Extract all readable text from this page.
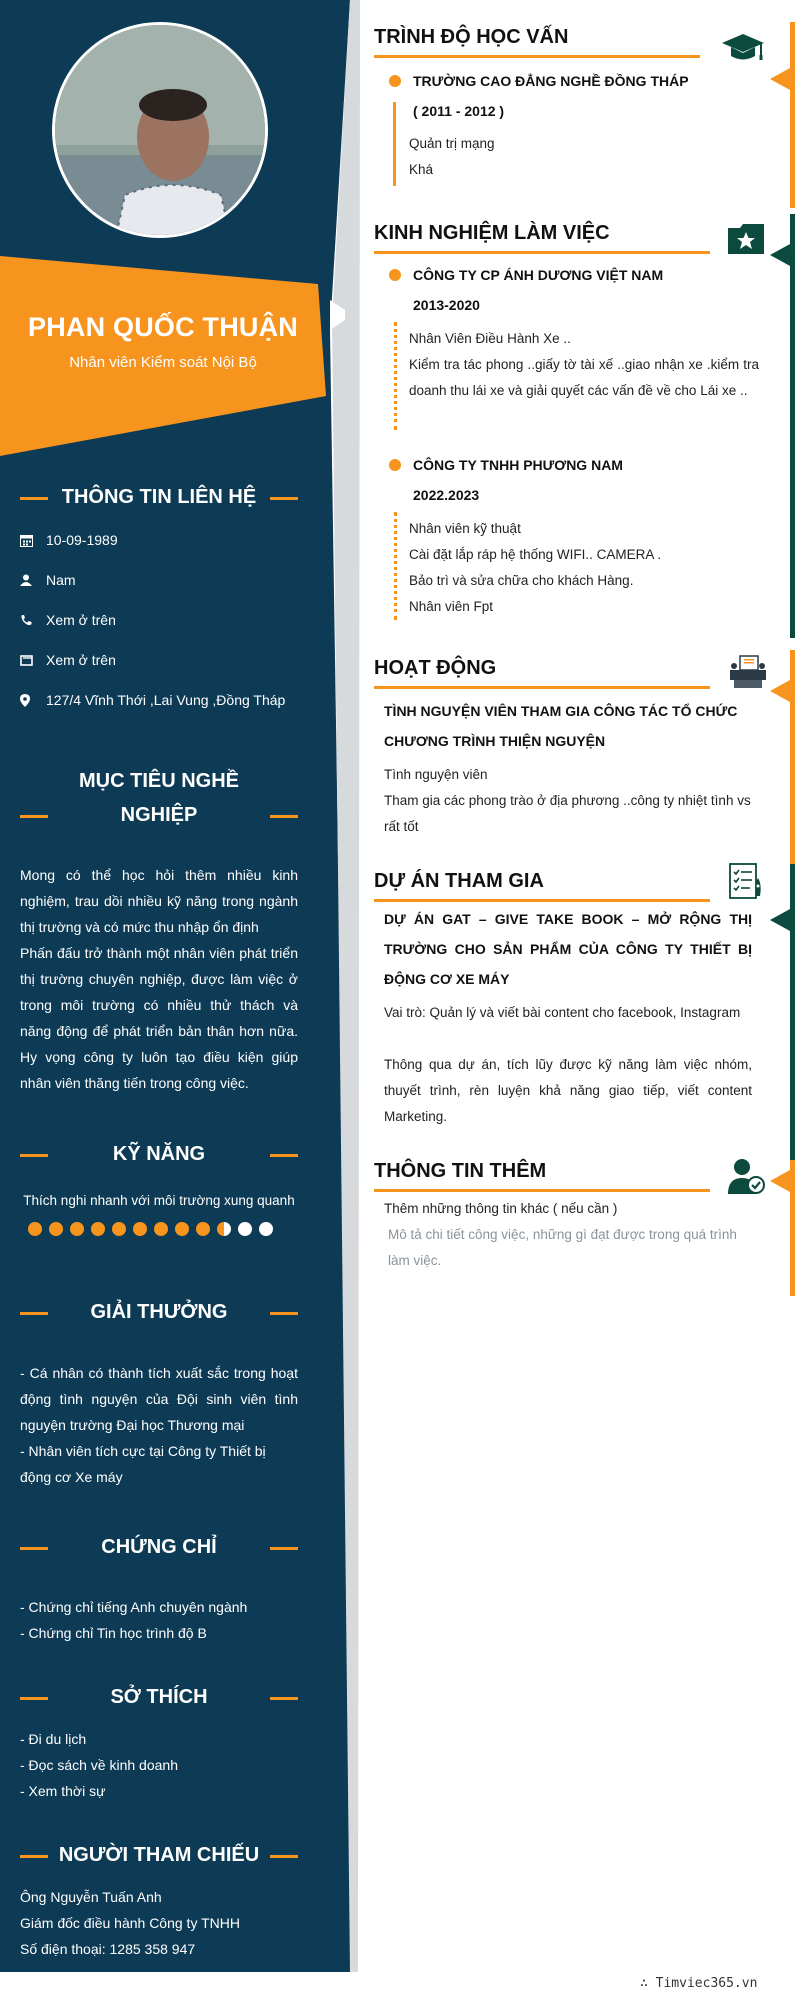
PHAN QUỐC THUẬN
Nhân viên Kiểm soát Nội Bộ
THÔNG TIN LIÊN HỆ
10-09-1989
Nam
Xem ở trên
Xem ở trên
127/4 Vĩnh Thới ,Lai Vung ,Đồng Tháp
MỤC TIÊU NGHỀ
NGHIỆP
Mong có thể học hỏi thêm nhiều kinh nghiệm, trau dồi nhiều kỹ năng trong ngành thị trường và có mức thu nhập ổn định
Phấn đấu trở thành một nhân viên phát triển thị trường chuyên nghiệp, được làm việc ở trong môi trường có nhiều thử thách và năng động để phát triển bản thân hơn nữa. Hy vọng công ty luôn tạo điều kiện giúp nhân viên thăng tiến trong công việc.
KỸ NĂNG
Thích nghi nhanh với môi trường xung quanh
GIẢI THƯỞNG
- Cá nhân có thành tích xuất sắc trong hoạt động tình nguyện của Đội sinh viên tình nguyện trường Đại học Thương mại
- Nhân viên tích cực tại Công ty Thiết bị động cơ Xe máy
CHỨNG CHỈ
- Chứng chỉ tiếng Anh chuyên ngành
- Chứng chỉ Tin học trình độ B
SỞ THÍCH
- Đi du lịch
- Đọc sách về kinh doanh
- Xem thời sự
NGƯỜI THAM CHIẾU
Ông Nguyễn Tuấn Anh
Giám đốc điều hành Công ty TNHH
Số điện thoại: 1285 358 947
TRÌNH ĐỘ HỌC VẤN
TRƯỜNG CAO ĐẲNG NGHỀ ĐỒNG THÁP
( 2011 - 2012 )
Quản trị mạng
Khá
KINH NGHIỆM LÀM VIỆC
CÔNG TY CP ÁNH DƯƠNG VIỆT NAM
2013-2020
Nhân Viên Điều Hành Xe ..
Kiểm tra tác phong ..giấy tờ tài xế ..giao nhận xe .kiểm tra doanh thu lái xe và giải quyết các vấn đề về cho Lái xe ..
CÔNG TY TNHH PHƯƠNG NAM
2022.2023
Nhân viên kỹ thuật
Cài đặt lắp ráp hệ thống WIFI.. CAMERA .
Bảo trì và sửa chữa cho khách Hàng.
Nhân viên Fpt
HOẠT ĐỘNG
TÌNH NGUYỆN VIÊN THAM GIA CÔNG TÁC TỔ CHỨC CHƯƠNG TRÌNH THIỆN NGUYỆN
Tình nguyện viên
Tham gia các phong trào ở địa phương ..công ty nhiệt tình vs rất tốt
DỰ ÁN THAM GIA
DỰ ÁN GAT – GIVE TAKE BOOK – MỞ RỘNG THỊ TRƯỜNG CHO SẢN PHẨM CỦA CÔNG TY THIẾT BỊ ĐỘNG CƠ XE MÁY
Vai trò: Quản lý và viết bài content cho facebook, Instagram
Thông qua dự án, tích lũy được kỹ năng làm việc nhóm, thuyết trình, rèn luyện khả năng giao tiếp, viết content Marketing.
THÔNG TIN THÊM
Thêm những thông tin khác ( nếu cần )
Mô tả chi tiết công việc, những gì đạt được trong quá trình làm việc.
∴ Timviec365.vn
